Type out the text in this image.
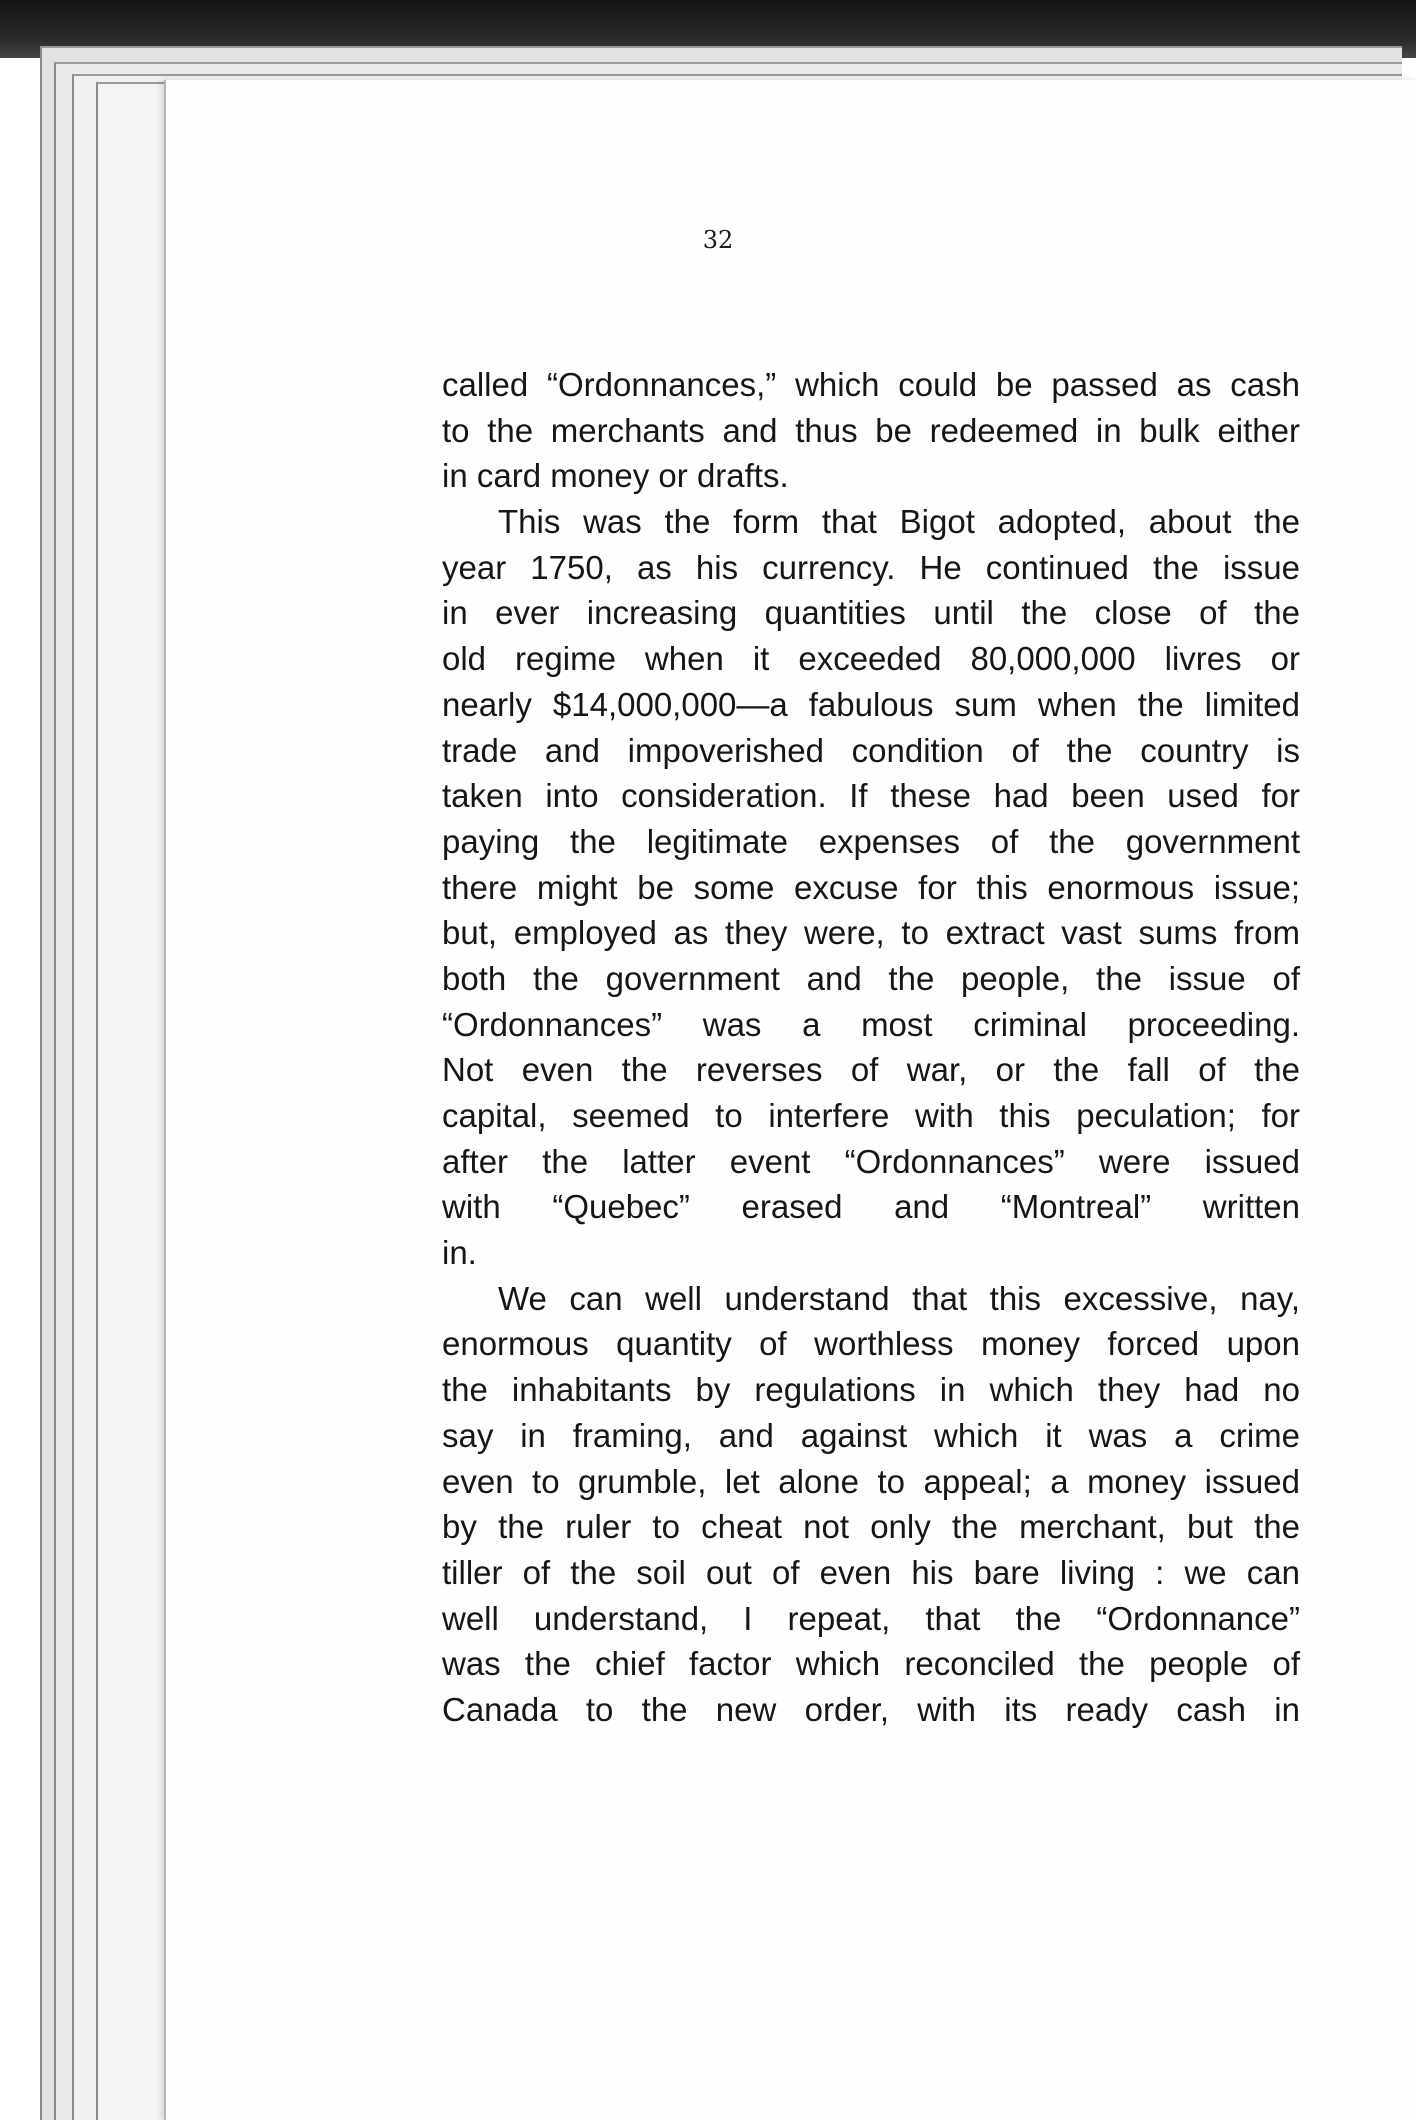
32
called “Ordonnances,” which could be passed as cash
to the merchants and thus be redeemed in bulk either
in card money or drafts.
This was the form that Bigot adopted, about the
year 1750, as his currency. He continued the issue
in ever increasing quantities until the close of the
old regime when it exceeded 80,000,000 livres or
nearly $14,000,000—a fabulous sum when the limited
trade and impoverished condition of the country is
taken into consideration. If these had been used for
paying the legitimate expenses of the government
there might be some excuse for this enormous issue;
but, employed as they were, to extract vast sums from
both the government and the people, the issue of
“Ordonnances” was a most criminal proceeding.
Not even the reverses of war, or the fall of the
capital, seemed to interfere with this peculation; for
after the latter event “Ordonnances” were issued
with “Quebec” erased and “Montreal” written
in.
We can well understand that this excessive, nay,
enormous quantity of worthless money forced upon
the inhabitants by regulations in which they had no
say in framing, and against which it was a crime
even to grumble, let alone to appeal; a money issued
by the ruler to cheat not only the merchant, but the
tiller of the soil out of even his bare living : we can
well understand, I repeat, that the “Ordonnance”
was the chief factor which reconciled the people of
Canada to the new order, with its ready cash in
